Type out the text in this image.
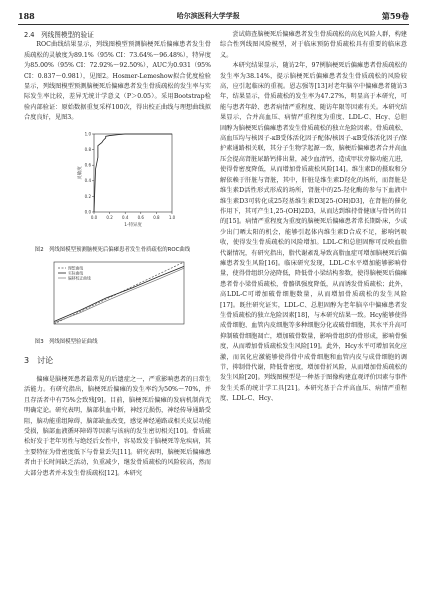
188	哈尔滨医科大学学报	第59卷

2.4　列线图模型的验证

ROC曲线结果显示，列线图模型预测脑梗死后偏瘫患者发生骨质疏松的灵敏度为89.1%（95% CI：73.64%～96.48%），特异度为85.00%（95% CI：72.92%～92.50%），AUC为0.931（95% CI：0.837～0.981），见图2。Hosmer-Lemeshow拟合优度检验显示，列线图模型预测脑梗死后偏瘫患者发生骨质疏松的发生率与实际发生率比较，差异无统计学意义（P＞0.05）。采用Bootstrap检验内部验证：原始数据重复采样100次，得出校正曲线与理想曲线拟合度良好，见图3。

0.0 0.2 0.4 0.6 0.8 1.0
0.0
0.2
0.4
0.6
0.8
1.0
1-特异度
灵敏度

图2　列线图模型预测脑梗死后偏瘫患者发生骨质疏松的ROC曲线

理想曲线
实际曲线
偏移校正曲线

图3　列线图模型验证曲线

3　讨论

偏瘫是脑梗死患者最常见的后遗症之一，严重影响患者的日常生活能力。有研究指出，脑梗死后偏瘫的发生率约为50%～70%，并且存活者中有75%会致残[9]。目前，脑梗死后偏瘫的发病机制尚无明确定论。研究表明，脑部供血中断，神经元损伤，神经传导通路受阻，脑功能重组障碍，脑部缺血改变，感觉神经通路或相关皮层功能受损，脑部血液循环障碍等因素与该病的发生密切相关[10]。骨质疏松好发于老年男性与绝经后女性中，容易致发于脑梗死等危疾病，其主要特征为骨密度低下与骨量丢失[11]。研究表明，脑梗死后偏瘫患者由于长时间缺乏活动，负重减少，继发骨质疏松的风险较高，然而大部分患者并未发生骨质疏松[12]。本研究

尝试筛查脑梗死后偏瘫患者发生骨质疏松的高危风险人群，构建综合性列线图风险模型，对于临床预防骨质疏松具有重要的临床意义。

本研究结果显示，随访2年，97例脑梗死后偏瘫患者骨质疏松的发生率为38.14%，提示脑梗死后偏瘫患者发生骨质疏松的风险较高，应引起临床的重视。恩志强等[13]对老年脑卒中偏瘫患者随访3年，结果显示，骨质疏松的发生率为47.27%，明显高于本研究，可能与患者年龄、患者病情严重程度、随访年限等因素有关。本研究结果显示，合并高血压、病情严重程度为重度、LDL-C、Hcy、总胆固醇为脑梗死后偏瘫患者发生骨质疏松的独立危险因素。骨质疏松、高血压均与核因子-κB受体活化因子配体/核因子-κB受体活化因子/保护素通路相关联，其分子生物学起源一致，脑梗后偏瘫患者合并高血压会提高肾脏尿路钙排出量，减少血清钙，造成甲状旁腺功能亢进，使得骨密度降低，从而增加骨质疏松风险[14]。维生素D的摄取和分解依赖于肝脏与肾脏，其中，肝脏是维生素D羟化的场所，而肾脏是维生素D活性形式形成的场所，肾脏中的25-羟化酶的参与下血液中维生素D3可转化成25羟基维生素D3[25-(OH)D3]，在肾脏的催化作用下，其可产生1,25-(OH)2D3，从而达到维持骨健康与骨钙的目的[15]。病情严重程度为重度的脑梗死后偏瘫患者常长期卧床，少或少出门晒太阳的机会，能够引起体内维生素D合成不足，影响钙吸收，使得发生骨质疏松的风险增加。LDL-C和总胆固醇可反映血脂代谢情况，有研究指出，脂代谢紊乱导致高脂血症可增加脑梗死后偏瘫患者发生风险[16]。临床研究发现，LDL-C水平增加能够影响骨量，使得骨组织分泌降低，降低骨小梁结构参数，使得脑梗死后偏瘫患者骨小梁骨质疏松，骨骼肌强度降低，从而诱发骨质疏松；此外，高LDL-C可增加破骨细胞数量，从而增加骨质疏松的发生风险[17]。既往研究证实，LDL-C、总胆固醇为老年脑卒中偏瘫患者发生骨质疏松的独立危险因素[18]，与本研究结果一致。Hcy能够使得成骨细胞、血管内皮细胞等多种细胞分化或破骨细胞，其水平升高可抑制破骨细胞凋亡，增加破骨数量，影响骨组织的骨形成，影响骨强度，从而增加骨质疏松发生风险[19]。此外，Hcy水平可增加氧化应激，而氧化应激能够使得骨中成骨细胞和血管内皮与成骨细胞的调节，抑制骨代谢，降低骨密度，增加骨折风险，从而增加骨质疏松的发生风险[20]。列线图模型是一种基于图像构建直观评价因素与事件发生关系的统计学工具[21]。本研究基于合并高血压、病情严重程度、LDL-C、Hcy、
